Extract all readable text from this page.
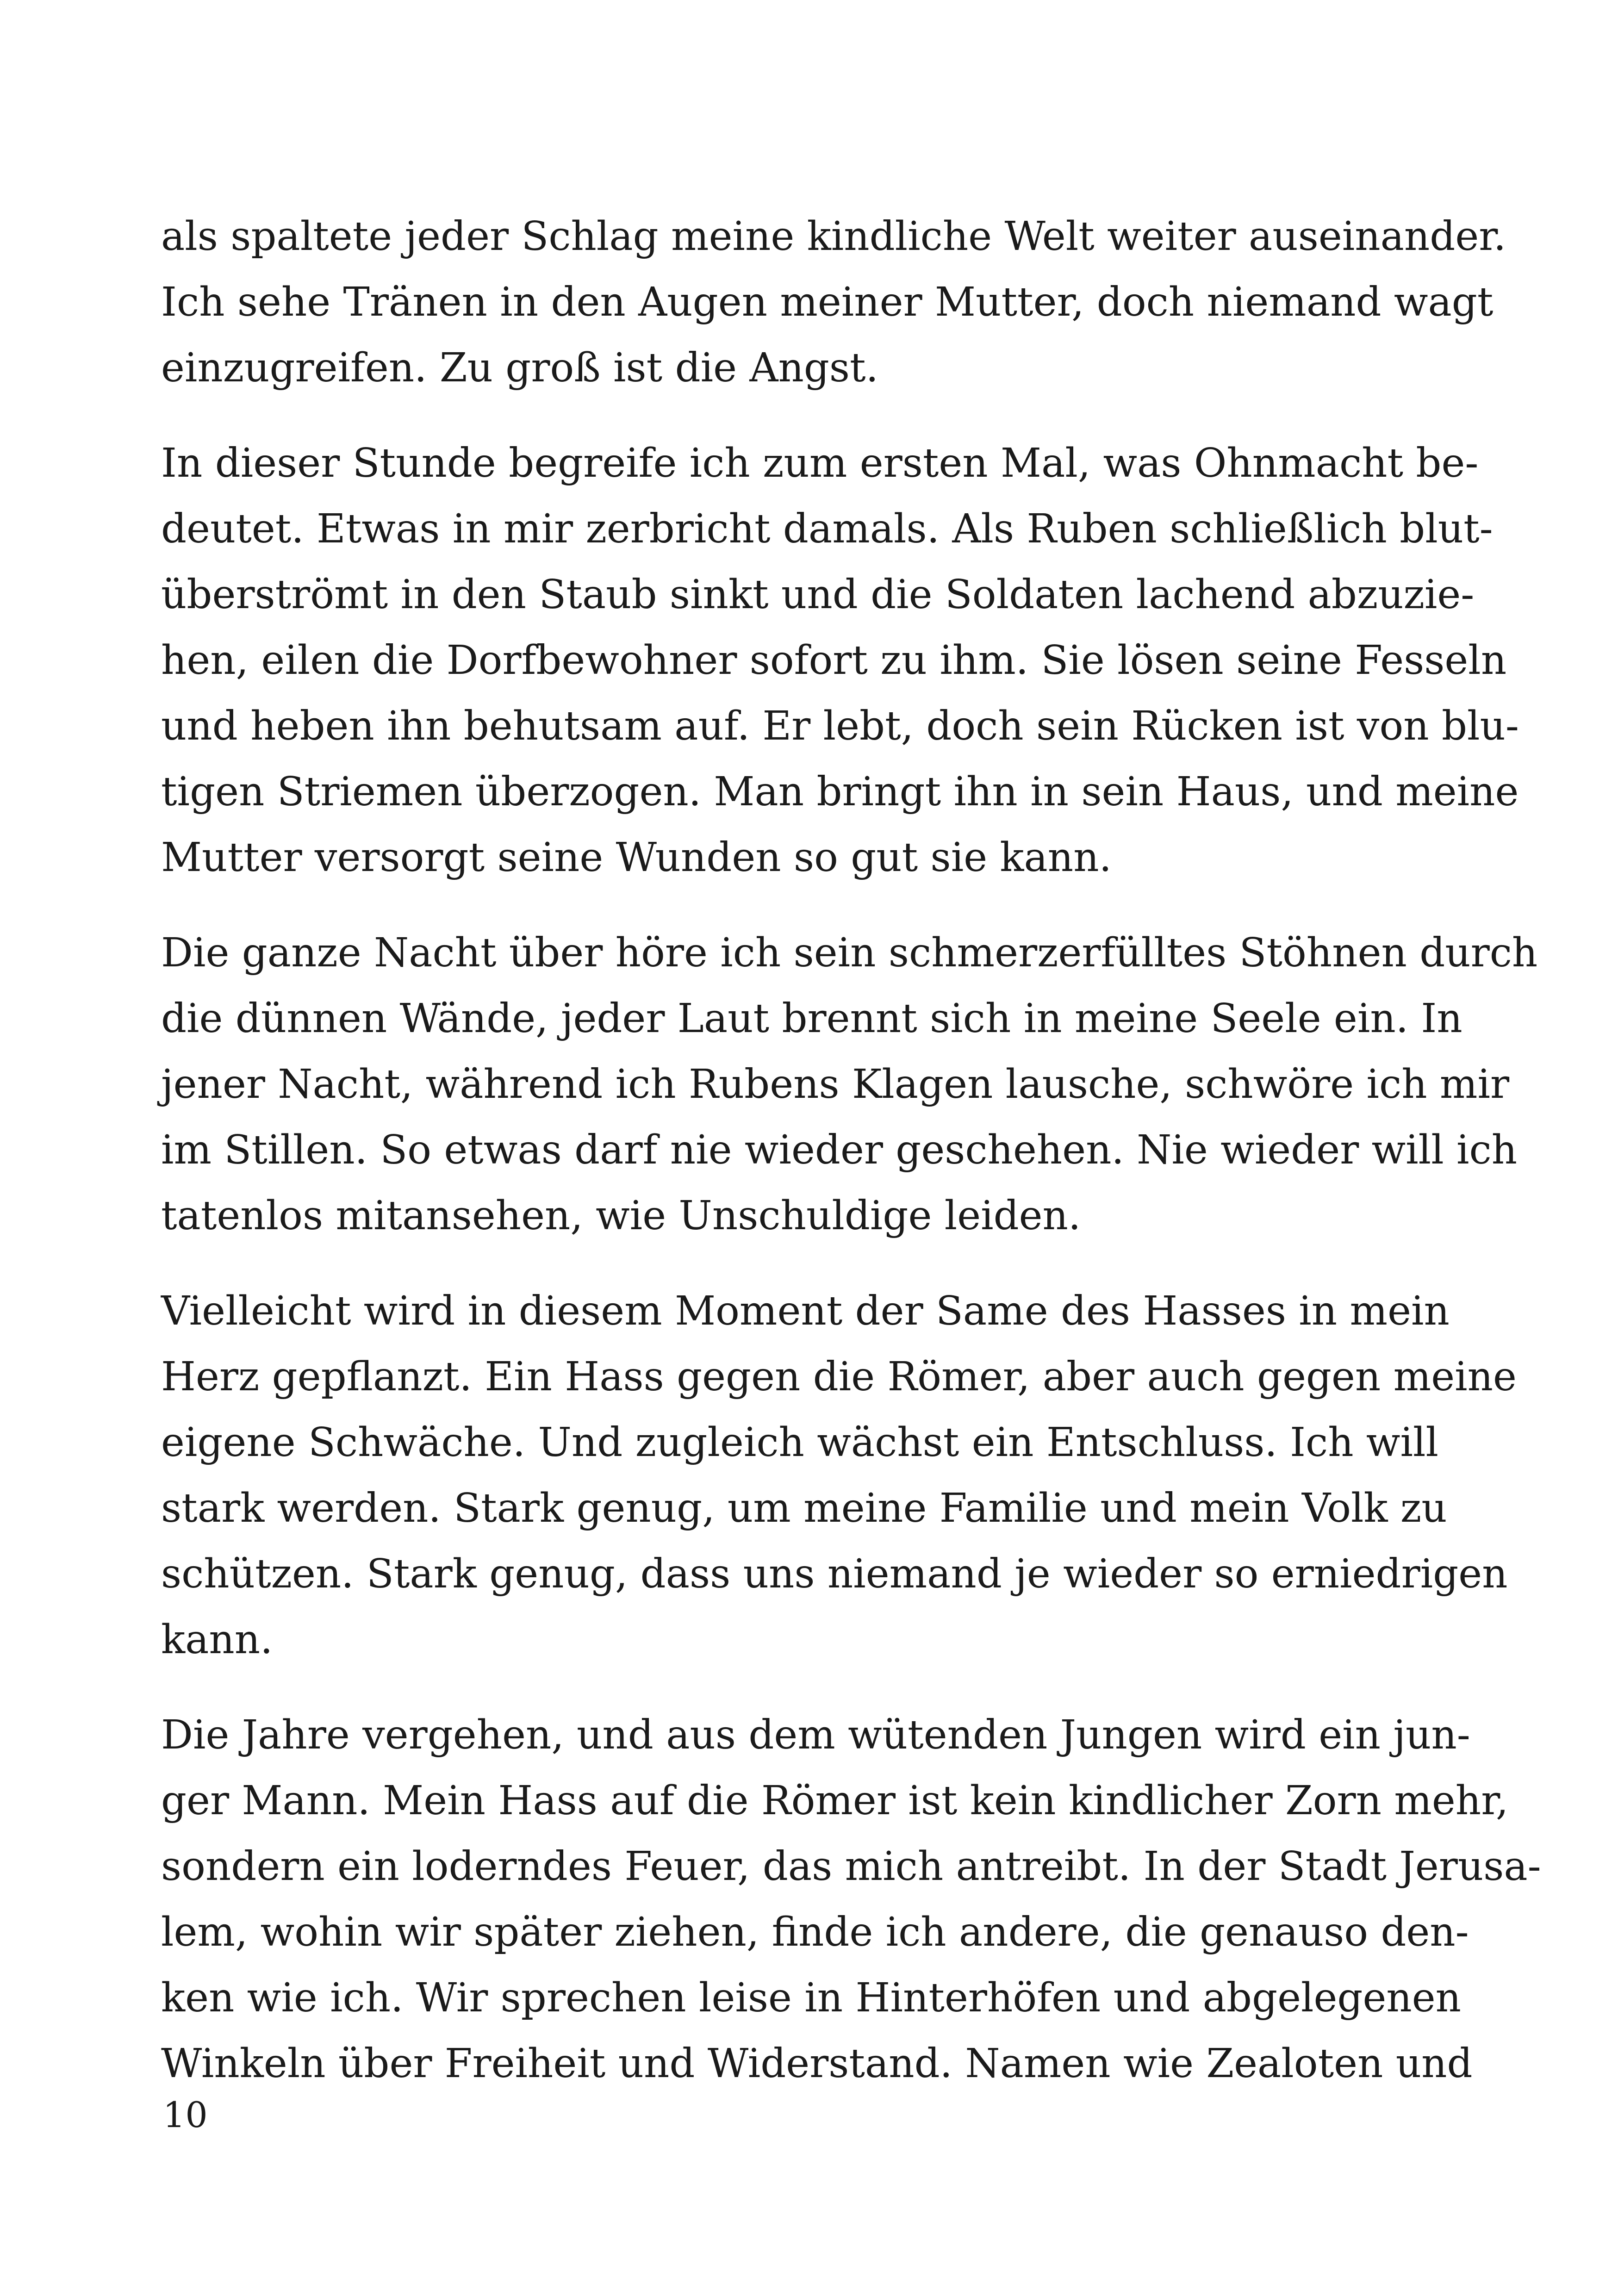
als spaltete jeder Schlag meine kindliche Welt weiter auseinander.
Ich sehe Tränen in den Augen meiner Mutter, doch niemand wagt
einzugreifen. Zu groß ist die Angst.
In dieser Stunde begreife ich zum ersten Mal, was Ohnmacht be-
deutet. Etwas in mir zerbricht damals. Als Ruben schließlich blut-
überströmt in den Staub sinkt und die Soldaten lachend abzuzie-
hen, eilen die Dorfbewohner sofort zu ihm. Sie lösen seine Fesseln
und heben ihn behutsam auf. Er lebt, doch sein Rücken ist von blu-
tigen Striemen überzogen. Man bringt ihn in sein Haus, und meine
Mutter versorgt seine Wunden so gut sie kann.
Die ganze Nacht über höre ich sein schmerzerfülltes Stöhnen durch
die dünnen Wände, jeder Laut brennt sich in meine Seele ein. In
jener Nacht, während ich Rubens Klagen lausche, schwöre ich mir
im Stillen. So etwas darf nie wieder geschehen. Nie wieder will ich
tatenlos mitansehen, wie Unschuldige leiden.
Vielleicht wird in diesem Moment der Same des Hasses in mein
Herz gepflanzt. Ein Hass gegen die Römer, aber auch gegen meine
eigene Schwäche. Und zugleich wächst ein Entschluss. Ich will
stark werden. Stark genug, um meine Familie und mein Volk zu
schützen. Stark genug, dass uns niemand je wieder so erniedrigen
kann.
Die Jahre vergehen, und aus dem wütenden Jungen wird ein jun-
ger Mann. Mein Hass auf die Römer ist kein kindlicher Zorn mehr,
sondern ein loderndes Feuer, das mich antreibt. In der Stadt Jerusa-
lem, wohin wir später ziehen, finde ich andere, die genauso den-
ken wie ich. Wir sprechen leise in Hinterhöfen und abgelegenen
Winkeln über Freiheit und Widerstand. Namen wie Zealoten und
10
